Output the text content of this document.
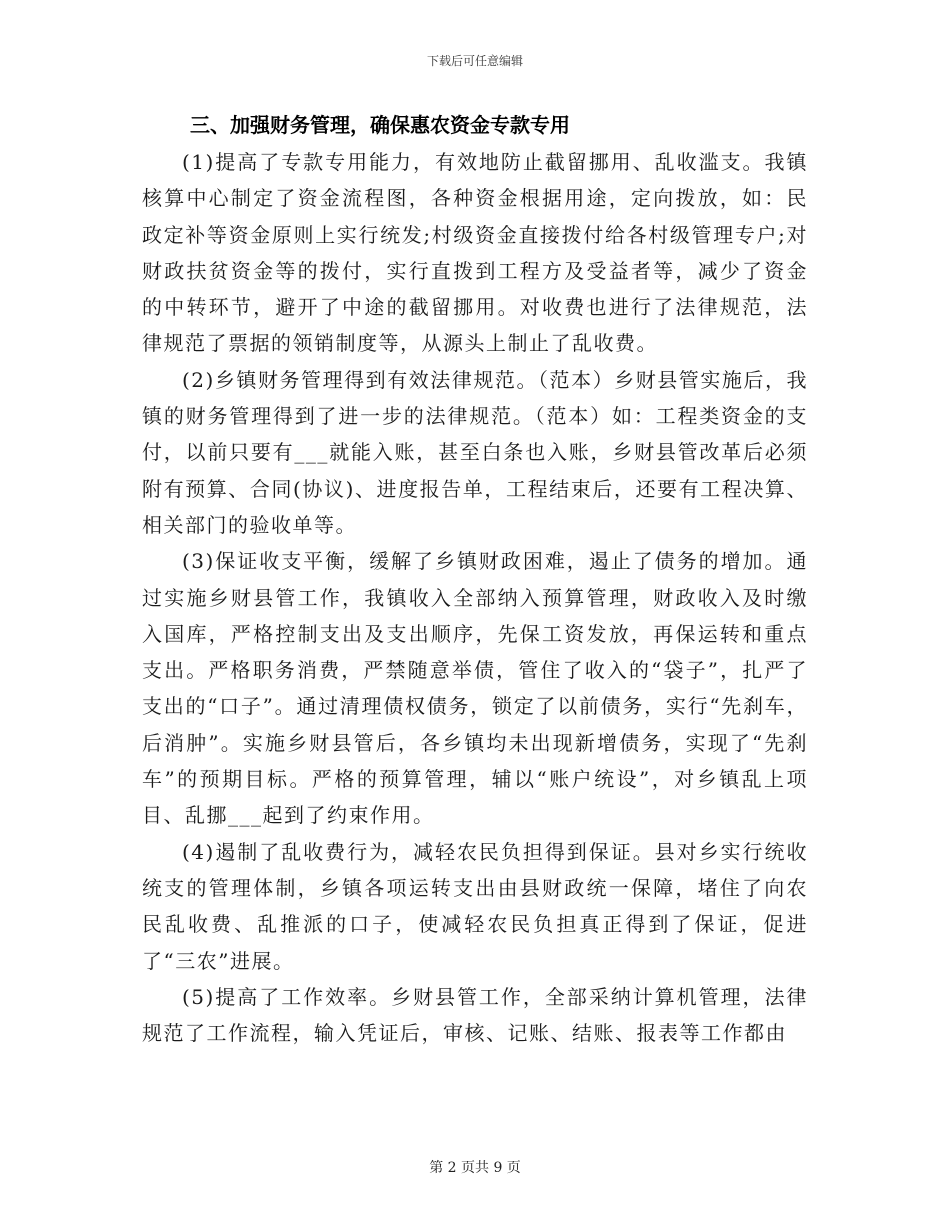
下载后可任意编辑
三、加强财务管理，确保惠农资金专款专用

(1)提高了专款专用能力，有效地防止截留挪用、乱收滥支。我镇核算中心制定了资金流程图，各种资金根据用途，定向拨放，如：民政定补等资金原则上实行统发;村级资金直接拨付给各村级管理专户;对财政扶贫资金等的拨付，实行直拨到工程方及受益者等，减少了资金的中转环节，避开了中途的截留挪用。对收费也进行了法律规范，法律规范了票据的领销制度等，从源头上制止了乱收费。

(2)乡镇财务管理得到有效法律规范。（范本）乡财县管实施后，我镇的财务管理得到了进一步的法律规范。（范本）如：工程类资金的支付，以前只要有___就能入账，甚至白条也入账，乡财县管改革后必须附有预算、合同(协议)、进度报告单，工程结束后，还要有工程决算、相关部门的验收单等。

(3)保证收支平衡，缓解了乡镇财政困难，遏止了债务的增加。通过实施乡财县管工作，我镇收入全部纳入预算管理，财政收入及时缴入国库，严格控制支出及支出顺序，先保工资发放，再保运转和重点支出。严格职务消费，严禁随意举债，管住了收入的“袋子”，扎严了支出的“口子”。通过清理债权债务，锁定了以前债务，实行“先刹车，后消肿”。实施乡财县管后，各乡镇均未出现新增债务，实现了“先刹车”的预期目标。严格的预算管理，辅以“账户统设”，对乡镇乱上项目、乱挪___起到了约束作用。

(4)遏制了乱收费行为，减轻农民负担得到保证。县对乡实行统收统支的管理体制，乡镇各项运转支出由县财政统一保障，堵住了向农民乱收费、乱推派的口子，使减轻农民负担真正得到了保证，促进了“三农”进展。

(5)提高了工作效率。乡财县管工作，全部采纳计算机管理，法律规范了工作流程，输入凭证后，审核、记账、结账、报表等工作都由

第 2 页共 9 页
